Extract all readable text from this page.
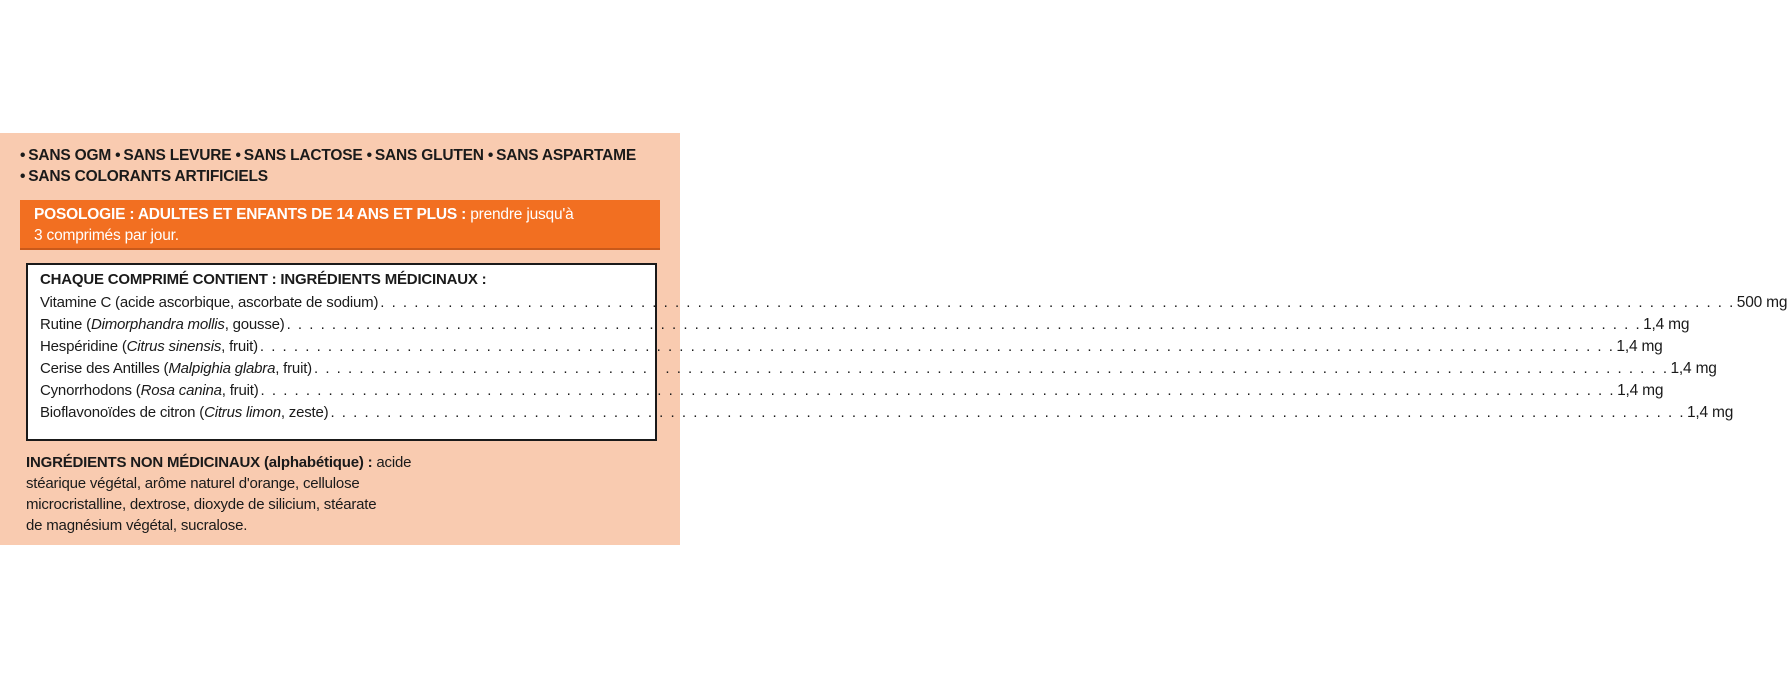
• SANS OGM • SANS LEVURE • SANS LACTOSE • SANS GLUTEN • SANS ASPARTAME
• SANS COLORANTS ARTIFICIELS
POSOLOGIE : ADULTES ET ENFANTS DE 14 ANS ET PLUS : prendre jusqu'à
3 comprimés par jour.
CHAQUE COMPRIMÉ CONTIENT : INGRÉDIENTS MÉDICINAUX :
Vitamine C (acide ascorbique, ascorbate de sodium) . . . . . . . . . . . . . . . . . . . . . . . . . . . . . . . . . . . . . . . . . . . . . . . . . . . . . . . . . . . . . . . . . . . . . . . . . . . . . . . . . . . . . . . . . . . . . . . . . . . . . . . . . . . . . . . . . . . . . . . . 500 mg
Rutine (Dimorphandra mollis, gousse) . . . . . . . . . . . . . . . . . . . . . . . . . . . . . . . . . . . . . . . . . . . . . . . . . . . . . . . . . . . . . . . . . . . . . . . . . . . . . . . . . . . . . . . . . . . . . . . . . . . . . . . . . . . . . . . . . . . . . . . . 1,4 mg
Hespéridine (Citrus sinensis, fruit) . . . . . . . . . . . . . . . . . . . . . . . . . . . . . . . . . . . . . . . . . . . . . . . . . . . . . . . . . . . . . . . . . . . . . . . . . . . . . . . . . . . . . . . . . . . . . . . . . . . . . . . . . . . . . . . . . . . . . . . . 1,4 mg
Cerise des Antilles (Malpighia glabra, fruit) . . . . . . . . . . . . . . . . . . . . . . . . . . . . . . . . . . . . . . . . . . . . . . . . . . . . . . . . . . . . . . . . . . . . . . . . . . . . . . . . . . . . . . . . . . . . . . . . . . . . . . . . . . . . . . . . . . . . . . . . 1,4 mg
Cynorrhodons (Rosa canina, fruit) . . . . . . . . . . . . . . . . . . . . . . . . . . . . . . . . . . . . . . . . . . . . . . . . . . . . . . . . . . . . . . . . . . . . . . . . . . . . . . . . . . . . . . . . . . . . . . . . . . . . . . . . . . . . . . . . . . . . . . . . 1,4 mg
Bioflavonoïdes de citron (Citrus limon, zeste) . . . . . . . . . . . . . . . . . . . . . . . . . . . . . . . . . . . . . . . . . . . . . . . . . . . . . . . . . . . . . . . . . . . . . . . . . . . . . . . . . . . . . . . . . . . . . . . . . . . . . . . . . . . . . . . . . . . . . . . . 1,4 mg
INGRÉDIENTS NON MÉDICINAUX (alphabétique) : acide
stéarique végétal, arôme naturel d'orange, cellulose
microcristalline, dextrose, dioxyde de silicium, stéarate
de magnésium végétal, sucralose.
